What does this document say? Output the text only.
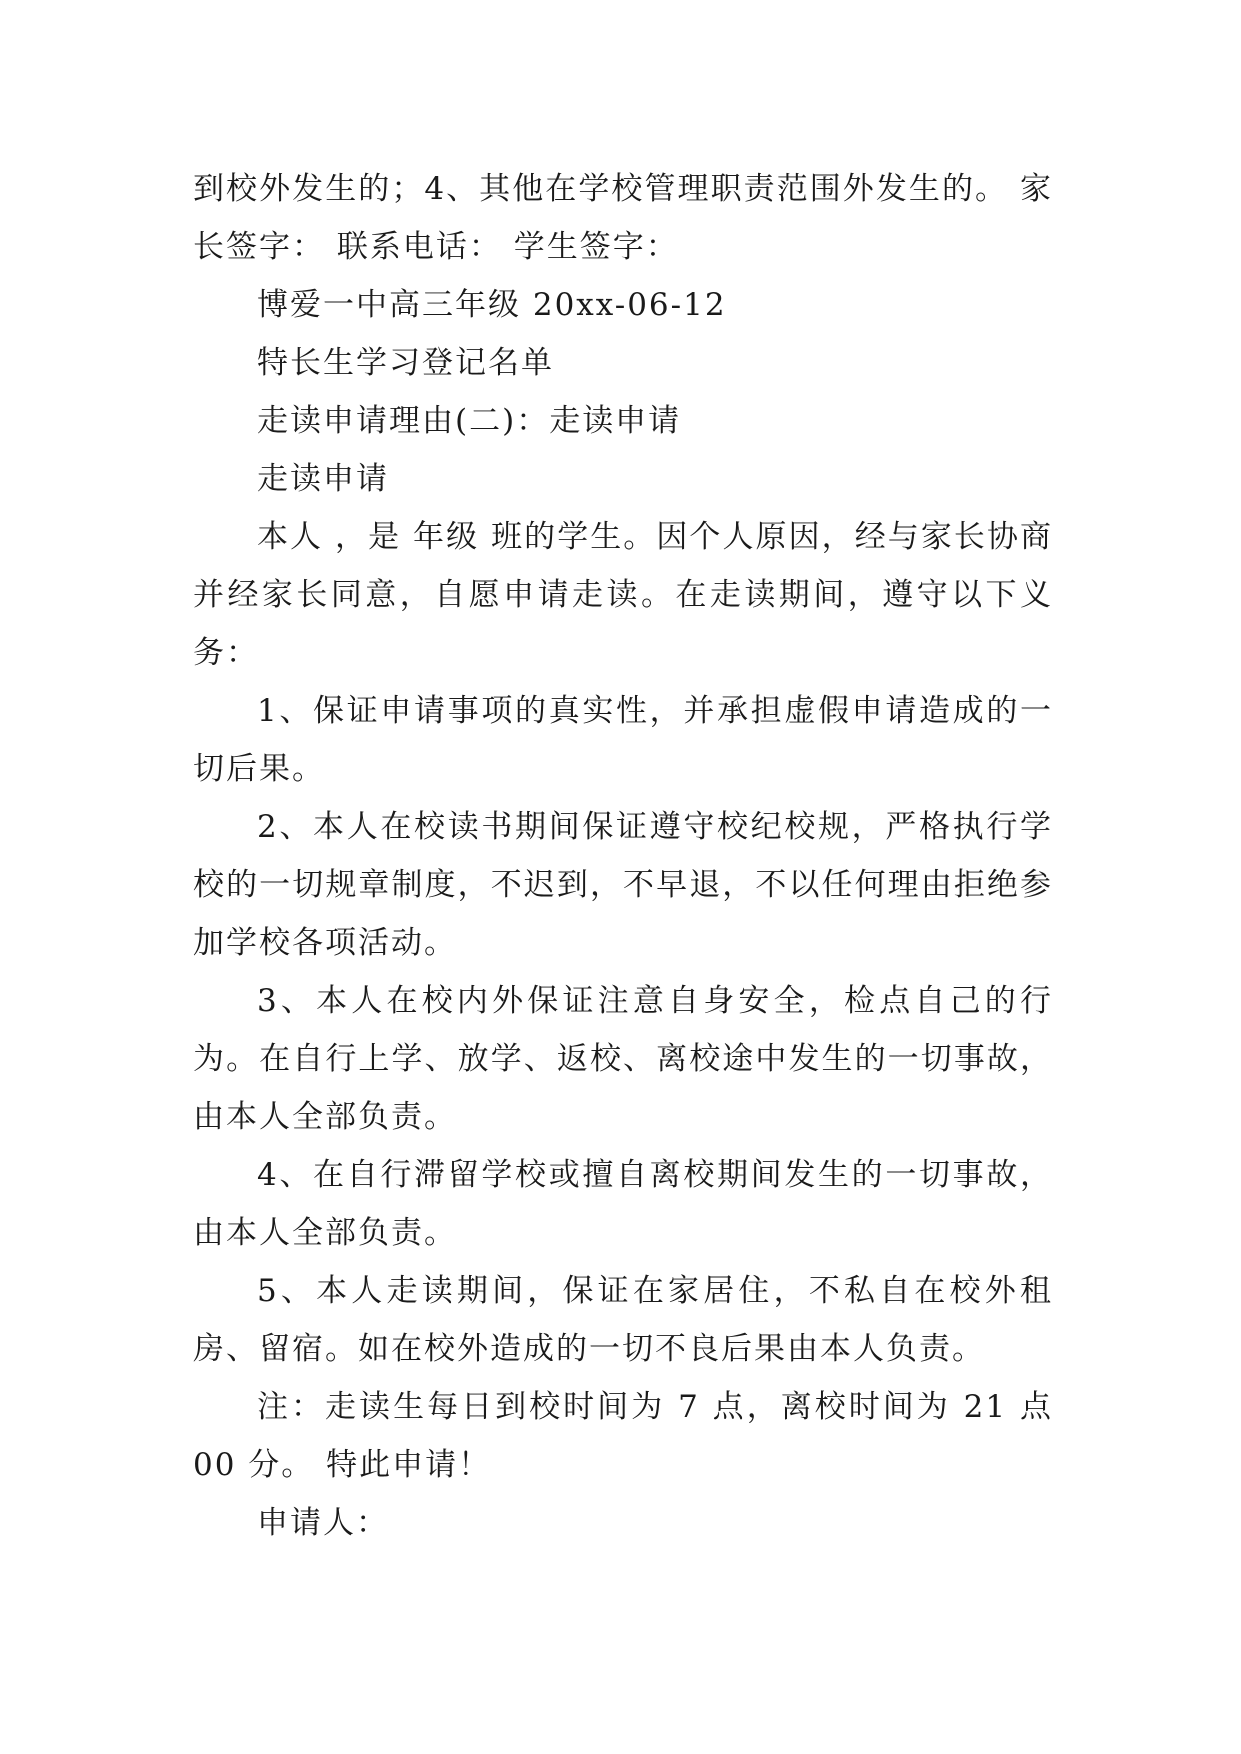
到校外发生的；4、其他在学校管理职责范围外发生的。 家长签字： 联系电话： 学生签字：

博爱一中高三年级 20xx-06-12

特长生学习登记名单

走读申请理由(二)：走读申请

走读申请

本人 ，是 年级 班的学生。因个人原因，经与家长协商并经家长同意，自愿申请走读。在走读期间，遵守以下义务：

1、保证申请事项的真实性，并承担虚假申请造成的一切后果。

2、本人在校读书期间保证遵守校纪校规，严格执行学校的一切规章制度，不迟到，不早退，不以任何理由拒绝参加学校各项活动。

3、本人在校内外保证注意自身安全，检点自己的行为。在自行上学、放学、返校、离校途中发生的一切事故，由本人全部负责。

4、在自行滞留学校或擅自离校期间发生的一切事故，由本人全部负责。

5、本人走读期间，保证在家居住，不私自在校外租房、留宿。如在校外造成的一切不良后果由本人负责。

注：走读生每日到校时间为 7 点，离校时间为 21 点 00 分。 特此申请！

申请人：
